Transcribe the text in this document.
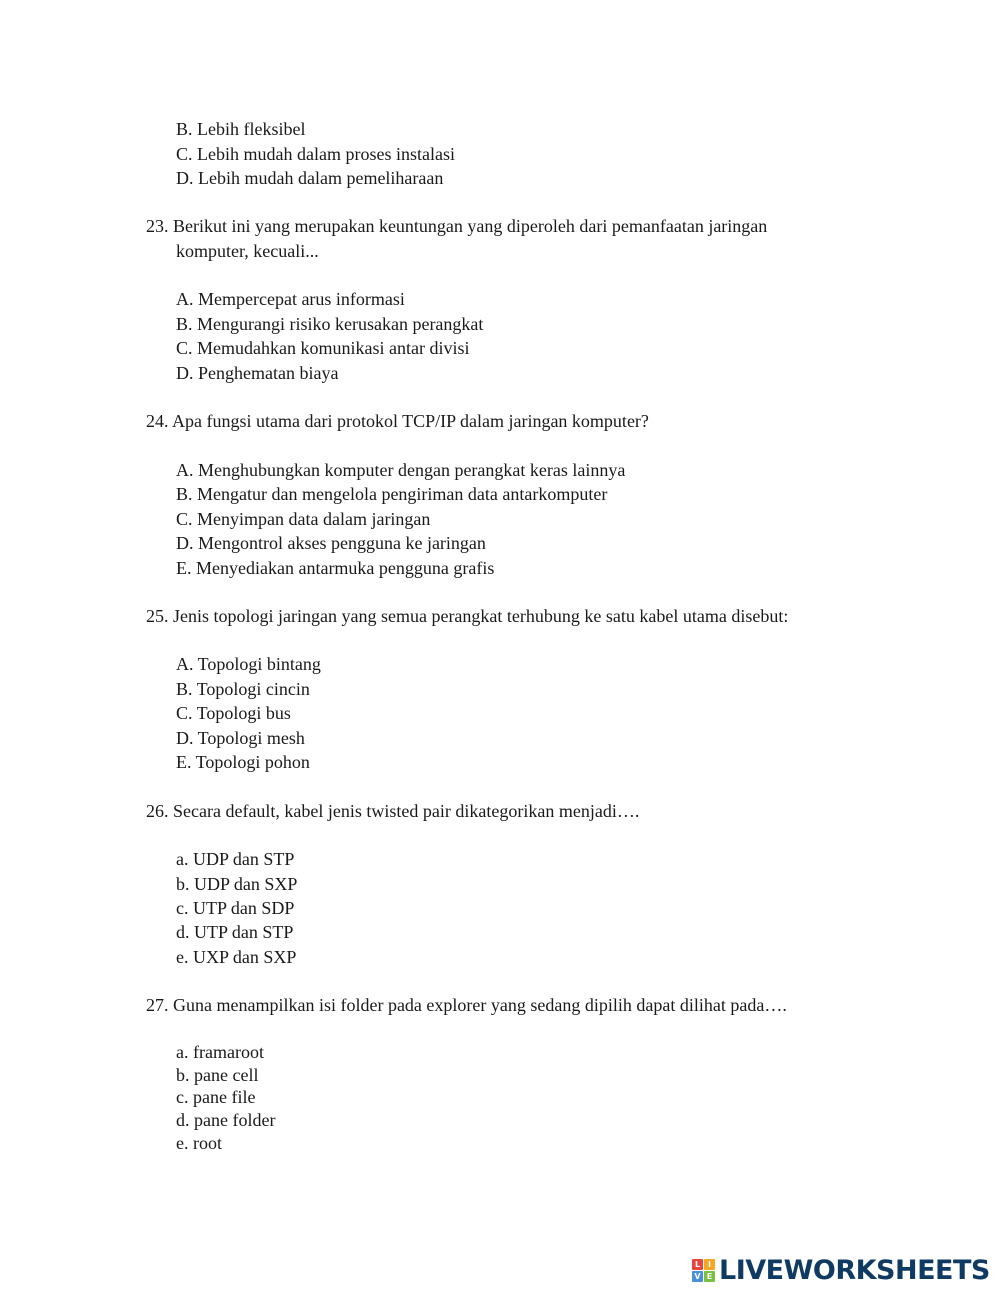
B. Lebih fleksibel
C. Lebih mudah dalam proses instalasi
D. Lebih mudah dalam pemeliharaan
23. Berikut ini yang merupakan keuntungan yang diperoleh dari pemanfaatan jaringan
komputer, kecuali...
A. Mempercepat arus informasi
B. Mengurangi risiko kerusakan perangkat
C. Memudahkan komunikasi antar divisi
D. Penghematan biaya
24. Apa fungsi utama dari protokol TCP/IP dalam jaringan komputer?
A. Menghubungkan komputer dengan perangkat keras lainnya
B. Mengatur dan mengelola pengiriman data antarkomputer
C. Menyimpan data dalam jaringan
D. Mengontrol akses pengguna ke jaringan
E. Menyediakan antarmuka pengguna grafis
25. Jenis topologi jaringan yang semua perangkat terhubung ke satu kabel utama disebut:
A. Topologi bintang
B. Topologi cincin
C. Topologi bus
D. Topologi mesh
E. Topologi pohon
26. Secara default, kabel jenis twisted pair dikategorikan menjadi….
a. UDP dan STP
b. UDP dan SXP
c. UTP dan SDP
d. UTP dan STP
e. UXP dan SXP
27. Guna menampilkan isi folder pada explorer yang sedang dipilih dapat dilihat pada….
a. framaroot
b. pane cell
c. pane file
d. pane folder
e. root
L I
V E LIVEWORKSHEETS
